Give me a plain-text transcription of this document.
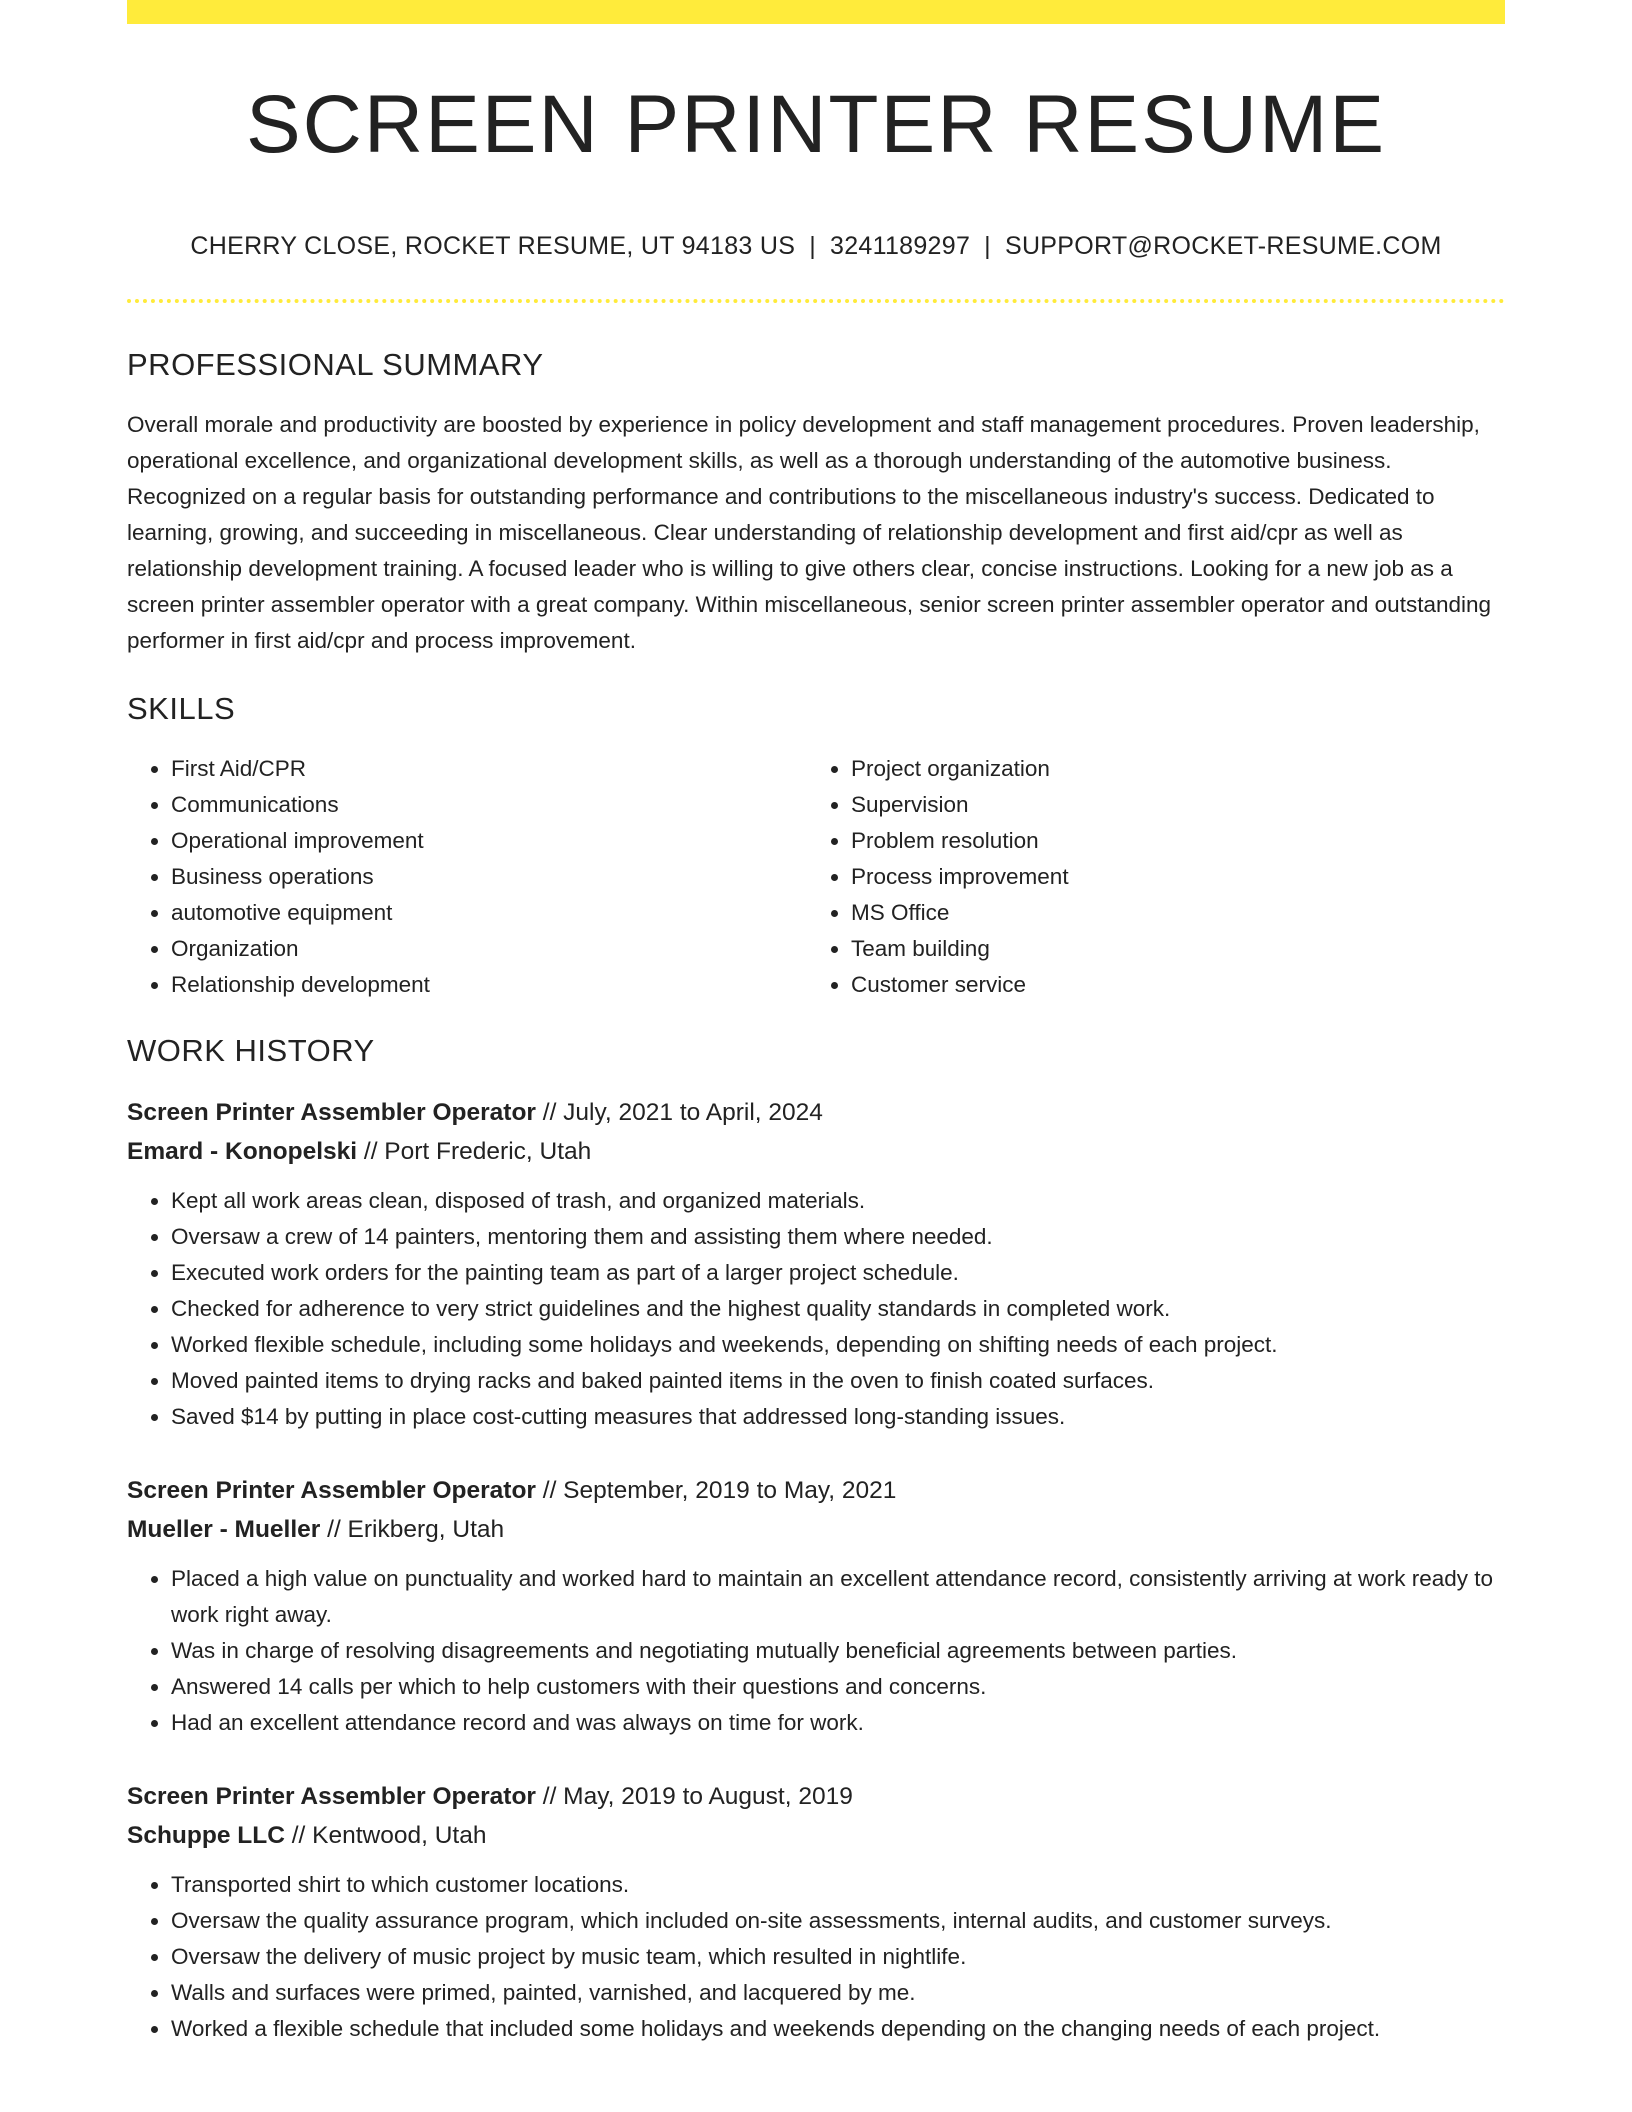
SCREEN PRINTER RESUME
CHERRY CLOSE, ROCKET RESUME, UT 94183 US | 3241189297 | SUPPORT@ROCKET-RESUME.COM
PROFESSIONAL SUMMARY
Overall morale and productivity are boosted by experience in policy development and staff management procedures. Proven leadership, operational excellence, and organizational development skills, as well as a thorough understanding of the automotive business. Recognized on a regular basis for outstanding performance and contributions to the miscellaneous industry's success. Dedicated to learning, growing, and succeeding in miscellaneous. Clear understanding of relationship development and first aid/cpr as well as relationship development training. A focused leader who is willing to give others clear, concise instructions. Looking for a new job as a screen printer assembler operator with a great company. Within miscellaneous, senior screen printer assembler operator and outstanding performer in first aid/cpr and process improvement.
SKILLS
• First Aid/CPR
• Communications
• Operational improvement
• Business operations
• automotive equipment
• Organization
• Relationship development
• Project organization
• Supervision
• Problem resolution
• Process improvement
• MS Office
• Team building
• Customer service
WORK HISTORY
Screen Printer Assembler Operator // July, 2021 to April, 2024
Emard - Konopelski // Port Frederic, Utah
• Kept all work areas clean, disposed of trash, and organized materials.
• Oversaw a crew of 14 painters, mentoring them and assisting them where needed.
• Executed work orders for the painting team as part of a larger project schedule.
• Checked for adherence to very strict guidelines and the highest quality standards in completed work.
• Worked flexible schedule, including some holidays and weekends, depending on shifting needs of each project.
• Moved painted items to drying racks and baked painted items in the oven to finish coated surfaces.
• Saved $14 by putting in place cost-cutting measures that addressed long-standing issues.
Screen Printer Assembler Operator // September, 2019 to May, 2021
Mueller - Mueller // Erikberg, Utah
• Placed a high value on punctuality and worked hard to maintain an excellent attendance record, consistently arriving at work ready to work right away.
• Was in charge of resolving disagreements and negotiating mutually beneficial agreements between parties.
• Answered 14 calls per which to help customers with their questions and concerns.
• Had an excellent attendance record and was always on time for work.
Screen Printer Assembler Operator // May, 2019 to August, 2019
Schuppe LLC // Kentwood, Utah
• Transported shirt to which customer locations.
• Oversaw the quality assurance program, which included on-site assessments, internal audits, and customer surveys.
• Oversaw the delivery of music project by music team, which resulted in nightlife.
• Walls and surfaces were primed, painted, varnished, and lacquered by me.
• Worked a flexible schedule that included some holidays and weekends depending on the changing needs of each project.
